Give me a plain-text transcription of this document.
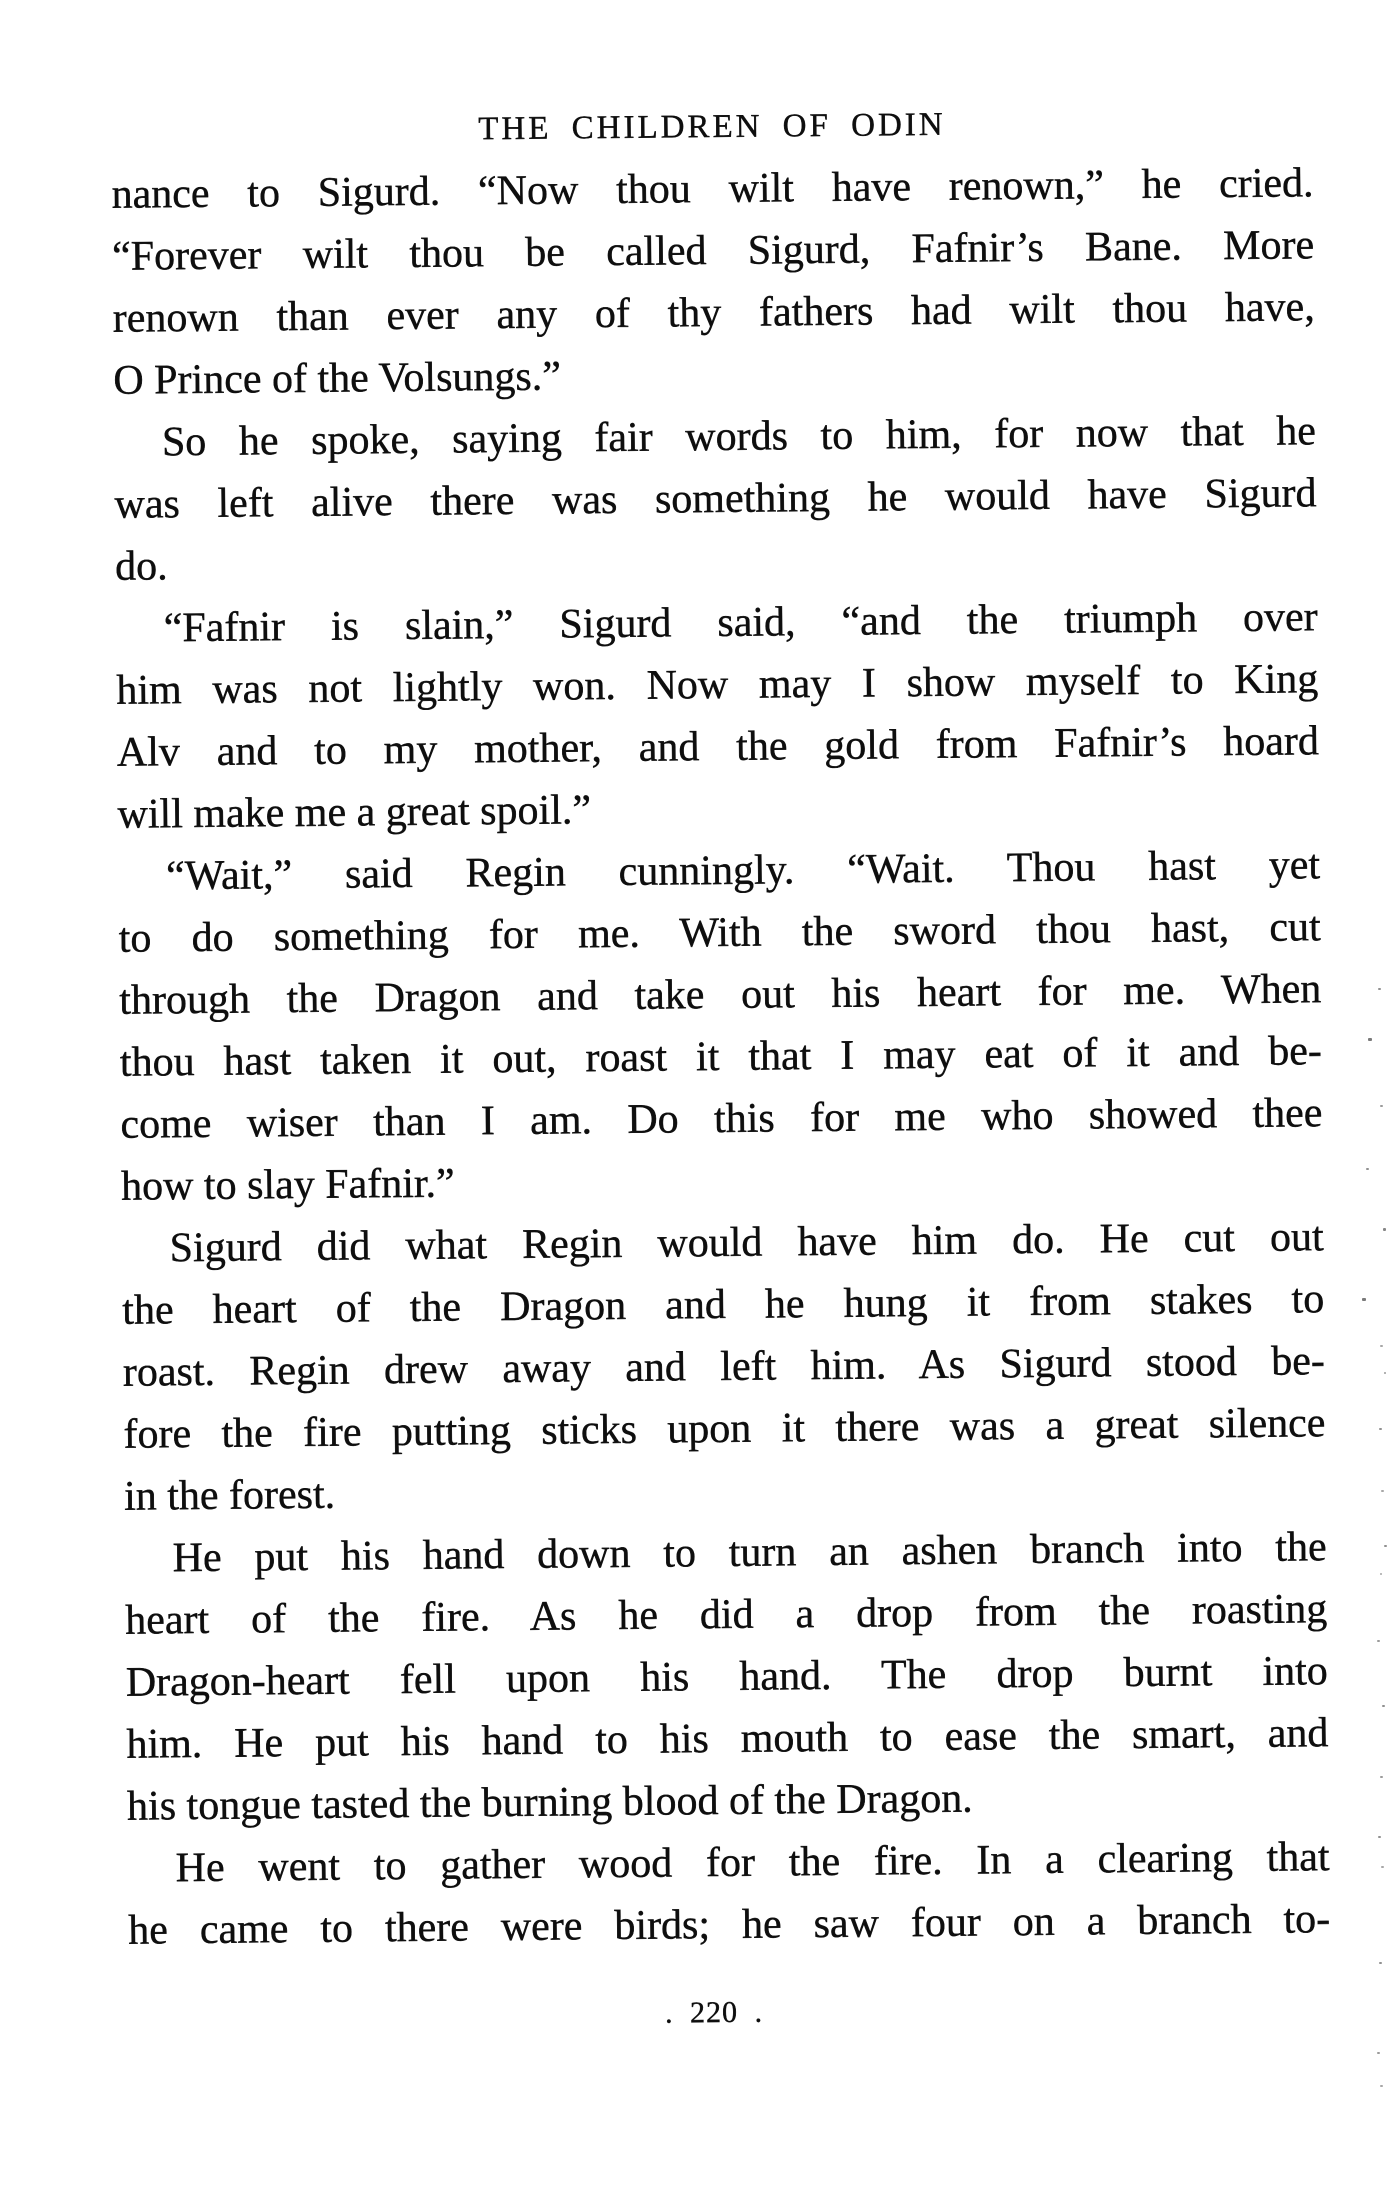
THE CHILDREN OF ODIN
nance to Sigurd. “Now thou wilt have renown,” he cried.
“Forever wilt thou be called Sigurd, Fafnir’s Bane. More
renown than ever any of thy fathers had wilt thou have,
O Prince of the Volsungs.”
So he spoke, saying fair words to him, for now that he
was left alive there was something he would have Sigurd
do.
“Fafnir is slain,” Sigurd said, “and the triumph over
him was not lightly won. Now may I show myself to King
Alv and to my mother, and the gold from Fafnir’s hoard
will make me a great spoil.”
“Wait,” said Regin cunningly. “Wait. Thou hast yet
to do something for me. With the sword thou hast, cut
through the Dragon and take out his heart for me. When
thou hast taken it out, roast it that I may eat of it and be-
come wiser than I am. Do this for me who showed thee
how to slay Fafnir.”
Sigurd did what Regin would have him do. He cut out
the heart of the Dragon and he hung it from stakes to
roast. Regin drew away and left him. As Sigurd stood be-
fore the fire putting sticks upon it there was a great silence
in the forest.
He put his hand down to turn an ashen branch into the
heart of the fire. As he did a drop from the roasting
Dragon-heart fell upon his hand. The drop burnt into
him. He put his hand to his mouth to ease the smart, and
his tongue tasted the burning blood of the Dragon.
He went to gather wood for the fire. In a clearing that
he came to there were birds; he saw four on a branch to-
. 220 .
